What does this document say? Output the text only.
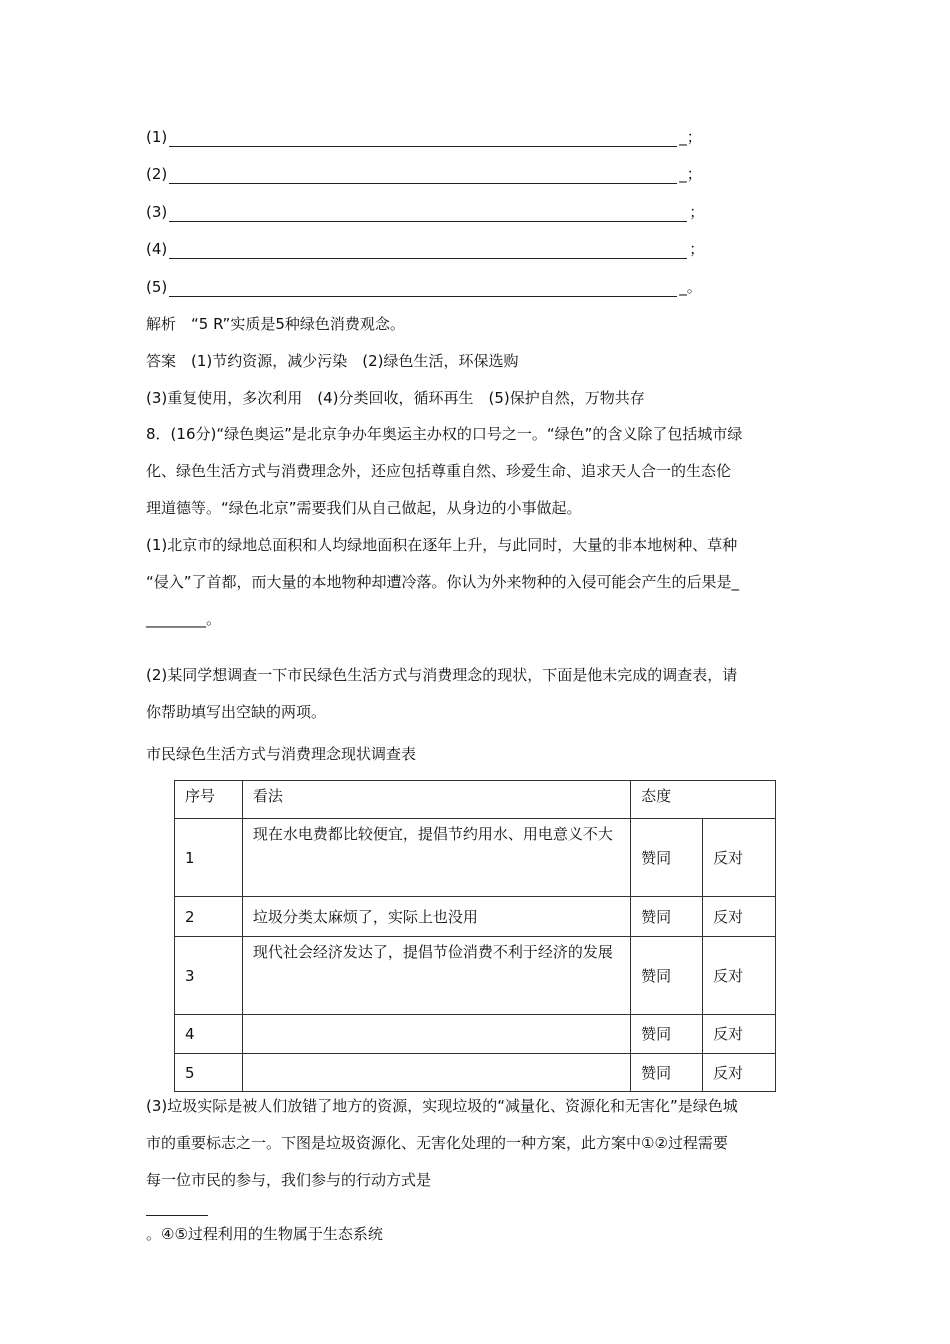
(1)	_；
(2)	_；
(3)	；
(4)	；
(5)	_。
解析　“5 R”实质是5种绿色消费观念。
答案　(1)节约资源，减少污染　(2)绿色生活，环保选购
(3)重复使用，多次利用　(4)分类回收，循环再生　(5)保护自然，万物共存
8．(16分)“绿色奥运”是北京争办年奥运主办权的口号之一。“绿色”的含义除了包括城市绿
化、绿色生活方式与消费理念外，还应包括尊重自然、珍爱生命、追求天人合一的生态伦
理道德等。“绿色北京”需要我们从自己做起，从身边的小事做起。
(1)北京市的绿地总面积和人均绿地面积在逐年上升，与此同时，大量的非本地树种、草种
“侵入”了首都，而大量的本地物种却遭冷落。你认为外来物种的入侵可能会产生的后果是_
________。
(2)某同学想调查一下市民绿色生活方式与消费理念的现状，下面是他未完成的调查表，请
你帮助填写出空缺的两项。
市民绿色生活方式与消费理念现状调查表
序号	看法	态度	
1	现在水电费都比较便宜，提倡节约用水、用电意义不大	赞同	反对
2	垃圾分类太麻烦了，实际上也没用	赞同	反对
3	现代社会经济发达了，提倡节俭消费不利于经济的发展	赞同	反对
4		赞同	反对
5		赞同	反对
(3)垃圾实际是被人们放错了地方的资源，实现垃圾的“减量化、资源化和无害化”是绿色城
市的重要标志之一。下图是垃圾资源化、无害化处理的一种方案，此方案中①②过程需要
每一位市民的参与，我们参与的行动方式是
。④⑤过程利用的生物属于生态系统
